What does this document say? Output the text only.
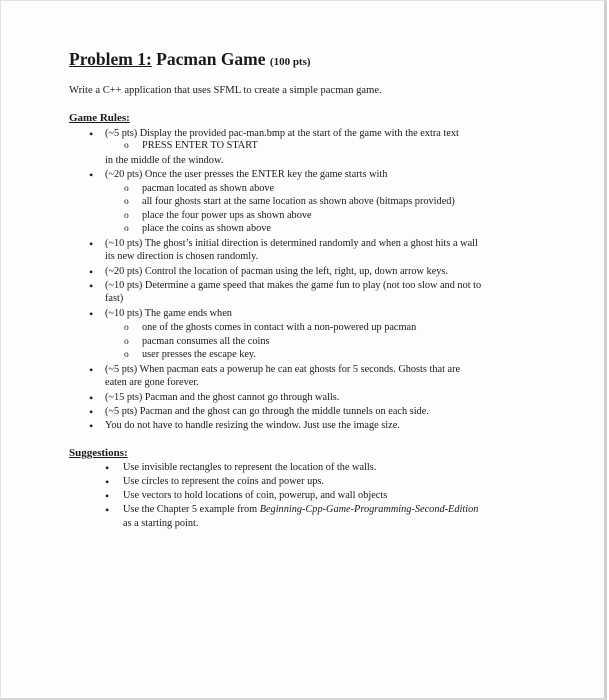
Problem 1: Pacman Game (100 pts)
Write a C++ application that uses SFML to create a simple pacman game.
Game Rules:
• (~5 pts) Display the provided pac-man.bmp at the start of the game with the extra text
o PRESS ENTER TO START
in the middle of the window.
• (~20 pts) Once the user presses the ENTER key the game starts with
o pacman located as shown above
o all four ghosts start at the same location as shown above (bitmaps provided)
o place the four power ups as shown above
o place the coins as shown above
• (~10 pts) The ghost’s initial direction is determined randomly and when a ghost hits a wall
its new direction is chosen randomly.
• (~20 pts) Control the location of pacman using the left, right, up, down arrow keys.
• (~10 pts) Determine a game speed that makes the game fun to play (not too slow and not to
fast)
• (~10 pts) The game ends when
o one of the ghosts comes in contact with a non-powered up pacman
o pacman consumes all the coins
o user presses the escape key.
• (~5 pts) When pacman eats a powerup he can eat ghosts for 5 seconds. Ghosts that are
eaten are gone forever.
• (~15 pts) Pacman and the ghost cannot go through walls.
• (~5 pts) Pacman and the ghost can go through the middle tunnels on each side.
• You do not have to handle resizing the window. Just use the image size.
Suggestions:
• Use invisible rectangles to represent the location of the walls.
• Use circles to represent the coins and power ups.
• Use vectors to hold locations of coin, powerup, and wall objects
• Use the Chapter 5 example from Beginning-Cpp-Game-Programming-Second-Edition
as a starting point.
